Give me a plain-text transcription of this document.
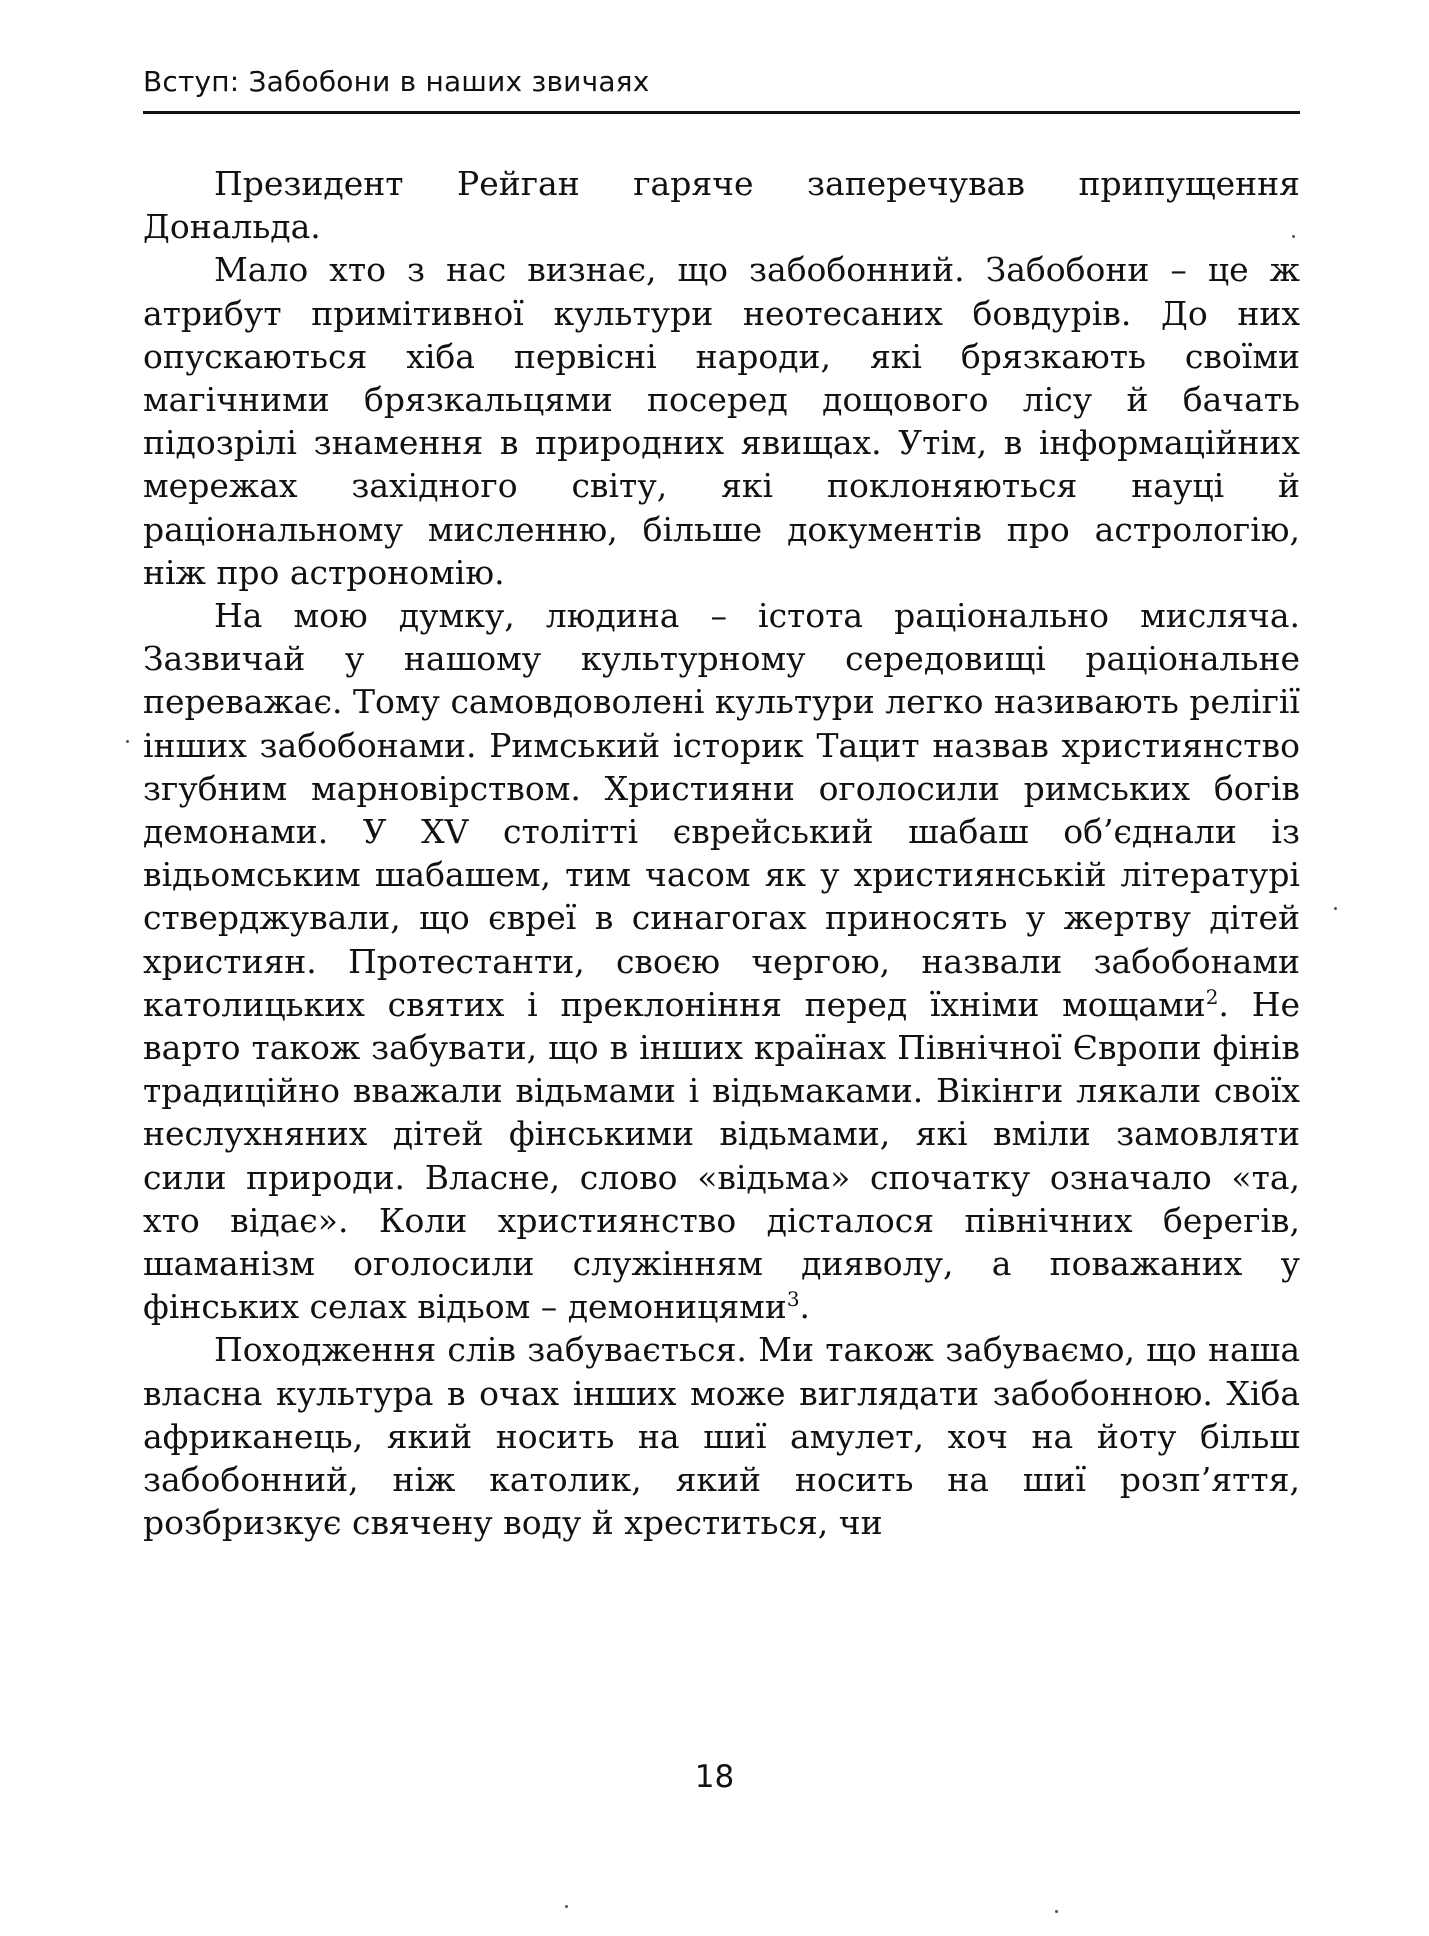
Вступ: Забобони в наших звичаях

Президент Рейган гаряче заперечував припущення Дональда.

Мало хто з нас визнає, що забобонний. Забобони – це ж атрибут примітивної культури неотесаних бовдурів. До них опускаються хіба первісні народи, які брязкають своїми магічними брязкальцями посеред дощового лісу й бачать підозрілі знамення в природних явищах. Утім, в інформаційних мережах західного світу, які поклоняються науці й раціональному мисленню, більше документів про астрологію, ніж про астрономію.

На мою думку, людина – істота раціонально мисляча. Зазвичай у нашому культурному середовищі раціональне переважає. Тому самовдоволені культури легко називають релігії інших забобонами. Римський історик Тацит назвав християнство згубним марновірством. Християни оголосили римських богів демонами. У XV столітті єврейський шабаш об’єднали із відьомським шабашем, тим часом як у християнській літературі стверджували, що євреї в синагогах приносять у жертву дітей християн. Протестанти, своєю чергою, назвали забобонами католицьких святих і преклоніння перед їхніми мощами$^2$. Не варто також забувати, що в інших країнах Північної Європи фінів традиційно вважали відьмами і відьмаками. Вікінги лякали своїх неслухняних дітей фінськими відьмами, які вміли замовляти сили природи. Власне, слово «відьма» спочатку означало «та, хто відає». Коли християнство дісталося північних берегів, шаманізм оголосили служінням дияволу, а поважаних у фінських селах відьом – демоницями$^3$.

Походження слів забувається. Ми також забуваємо, що наша власна культура в очах інших може виглядати забобонною. Хіба африканець, який носить на шиї амулет, хоч на йоту більш забобонний, ніж католик, який носить на шиї розп’яття, розбризкує свячену воду й хреститься, чи

18
